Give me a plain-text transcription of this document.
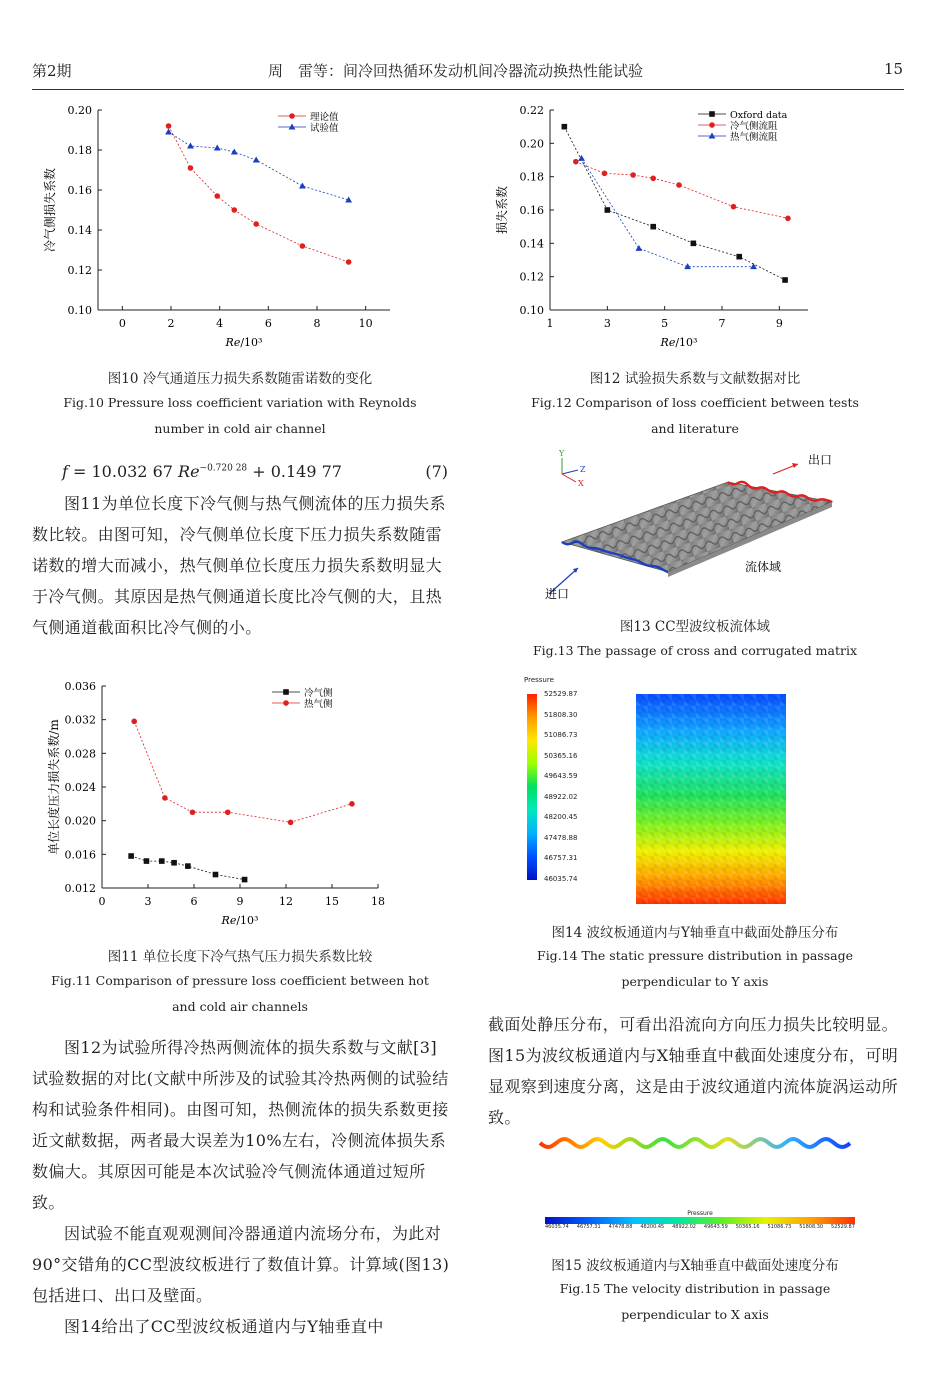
第2期	周　雷等：间冷回热循环发动机间冷器流动换热性能试验	15
0.10
0.12
0.14
0.16
0.18
0.20
0	2	4	6	8	10
Re/10³
冷气侧损失系数
理论值
试验值
图10 冷气通道压力损失系数随雷诺数的变化
Fig.10 Pressure loss coefficient variation with Reynolds
number in cold air channel
f = 10.032 67 $Re^{-0.720 28} + 0.149$ 77	(7)

图11为单位长度下冷气侧与热气侧流体的压力损失系数比较。由图可知，冷气侧单位长度下压力损失系数随雷诺数的增大而减小，热气侧单位长度压力损失系数明显大于冷气侧。其原因是热气侧通道长度比冷气侧的大，且热气侧通道截面积比冷气侧的小。

0.012
0.016
0.020
0.024
0.028
0.032
0.036
0	3	6	9	12	15	18
Re/10³
单位长度压力损失系数/m
冷气侧
热气侧
图11 单位长度下冷气热气压力损失系数比较
Fig.11 Comparison of pressure loss coefficient between hot
and cold air channels

图12为试验所得冷热两侧流体的损失系数与文献[3]试验数据的对比(文献中所涉及的试验其冷热两侧的试验结构和试验条件相同)。由图可知，热侧流体的损失系数更接近文献数据，两者最大误差为10%左右，冷侧流体损失系数偏大。其原因可能是本次试验冷气侧流体通道过短所致。

因试验不能直观观测间冷器通道内流场分布，为此对90°交错角的CC型波纹板进行了数值计算。计算域(图13)包括进口、出口及壁面。

图14给出了CC型波纹板通道内与Y轴垂直中

0.10
0.12
0.14
0.16
0.18
0.20
0.22
1	3	5	7	9
Re/10³
损失系数
Oxford data
冷气侧流阻
热气侧流阻
图12 试验损失系数与文献数据对比
Fig.12 Comparison of loss coefficient between tests
and literature
出口
进口
流体域
Y
Z
X
图13 CC型波纹板流体域
Fig.13 The passage of cross and corrugated matrix
Pressure
52529.87
51808.30
51086.73
50365.16
49643.59
48922.02
48200.45
47478.88
46757.31
46035.74
图14 波纹板通道内与Y轴垂直中截面处静压分布
Fig.14 The static pressure distribution in passage
perpendicular to Y axis

截面处静压分布，可看出沿流向方向压力损失比较明显。图15为波纹板通道内与X轴垂直中截面处速度分布，可明显观察到速度分离，这是由于波纹通道内流体旋涡运动所致。

Pressure
46035.74 46757.31 47478.88 48200.45 48922.02 49643.59 50365.16 51086.73 51808.30 52529.87
图15 波纹板通道内与X轴垂直中截面处速度分布
Fig.15 The velocity distribution in passage
perpendicular to X axis
